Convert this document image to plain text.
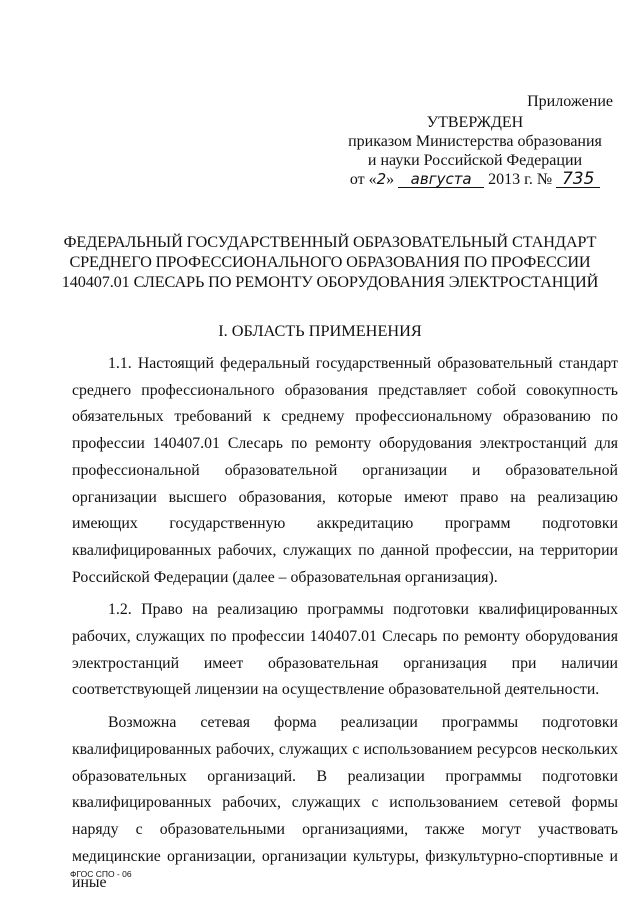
Приложение
УТВЕРЖДЕН
приказом Министерства образования
и науки Российской Федерации
от «2» августа 2013 г. № 735
ФЕДЕРАЛЬНЫЙ ГОСУДАРСТВЕННЫЙ ОБРАЗОВАТЕЛЬНЫЙ СТАНДАРТ
СРЕДНЕГО ПРОФЕССИОНАЛЬНОГО ОБРАЗОВАНИЯ ПО ПРОФЕССИИ
140407.01 СЛЕСАРЬ ПО РЕМОНТУ ОБОРУДОВАНИЯ ЭЛЕКТРОСТАНЦИЙ
I. ОБЛАСТЬ ПРИМЕНЕНИЯ

1.1. Настоящий федеральный государственный образовательный стандарт среднего профессионального образования представляет собой совокупность обязательных требований к среднему профессиональному образованию по профессии 140407.01 Слесарь по ремонту оборудования электростанций для профессиональной образовательной организации и образовательной организации высшего образования, которые имеют право на реализацию имеющих государственную аккредитацию программ подготовки квалифицированных рабочих, служащих по данной профессии, на территории Российской Федерации (далее – образовательная организация).

1.2. Право на реализацию программы подготовки квалифицированных рабочих, служащих по профессии 140407.01 Слесарь по ремонту оборудования электростанций имеет образовательная организация при наличии соответствующей лицензии на осуществление образовательной деятельности.

Возможна сетевая форма реализации программы подготовки квалифицированных рабочих, служащих с использованием ресурсов нескольких образовательных организаций. В реализации программы подготовки квалифицированных рабочих, служащих с использованием сетевой формы наряду с образовательными организациями, также могут участвовать медицинские организации, организации культуры, физкультурно-спортивные и иные

ФГОС СПО - 06
